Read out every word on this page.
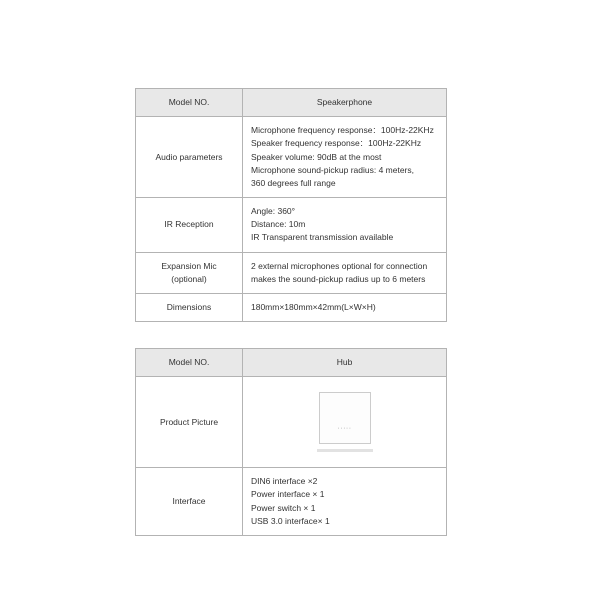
Model NO.	Speakerphone
Audio parameters	Microphone frequency response：100Hz-22KHz
Speaker frequency response：100Hz-22KHz
Speaker volume: 90dB at the most
Microphone sound-pickup radius: 4 meters,
360 degrees full range

IR Reception	Angle: 360°
Distance: 10m
IR Transparent transmission available

Expansion Mic
(optional)	2 external microphones optional for connection
makes the sound-pickup radius up to 6 meters

Dimensions	180mm×180mm×42mm(L×W×H)
Model NO.	Hub
Product Picture	·····

Interface	DIN6 interface ×2
Power interface × 1
Power switch × 1
USB 3.0 interface× 1
